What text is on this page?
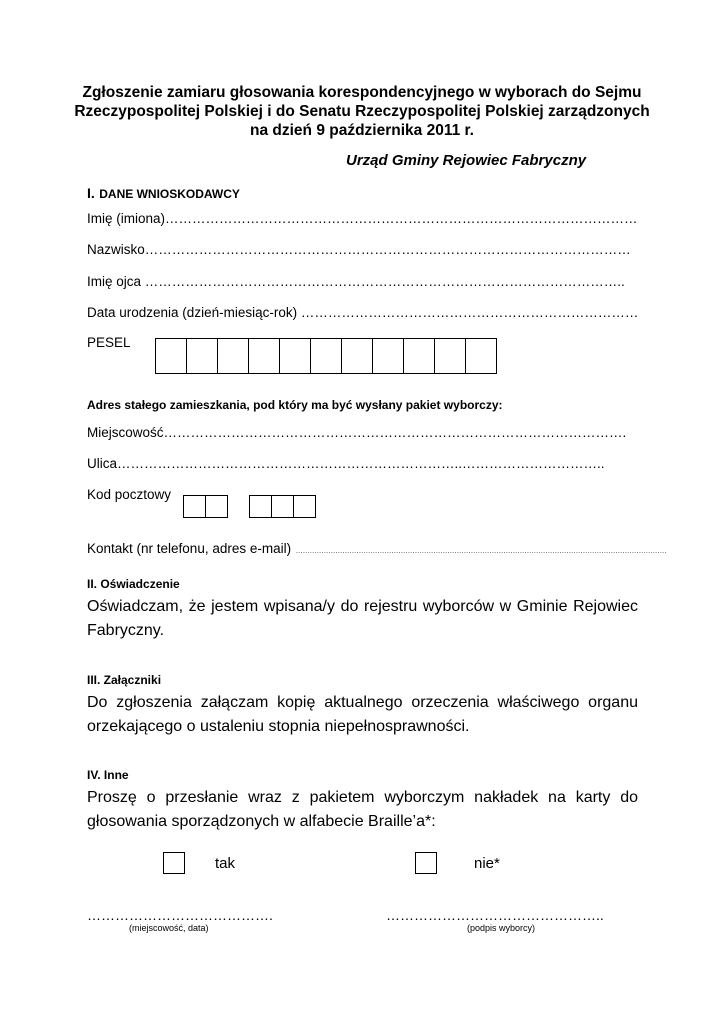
Zgłoszenie zamiaru głosowania korespondencyjnego w wyborach do Sejmu
Rzeczypospolitej Polskiej i do Senatu Rzeczypospolitej Polskiej zarządzonych
na dzień 9 października 2011 r.
Urząd Gminy Rejowiec Fabryczny
I. DANE WNIOSKODAWCY
Imię (imiona)……………………………………………………………………………………………
Nazwisko………………………………………………………………………………………………
Imię ojca ……………………………………………………………………………………………..
Data urodzenia (dzień-miesiąc-rok) …………………………………………………………………
PESEL
Adres stałego zamieszkania, pod który ma być wysłany pakiet wyborczy:
Miejscowość………………………………………………………………………………………….
Ulica…………………………………………………………………..…………………………..
Kod pocztowy
Kontakt (nr telefonu, adres e-mail) ……………………………………………………………………………………………………………………………………………
II. Oświadczenie
Oświadczam, że jestem wpisana/y do rejestru wyborców w Gminie Rejowiec Fabryczny.
III. Załączniki
Do zgłoszenia załączam kopię aktualnego orzeczenia właściwego organu orzekającego o ustaleniu stopnia niepełnosprawności.
IV. Inne
Proszę o przesłanie wraz z pakietem wyborczym nakładek na karty do głosowania sporządzonych w alfabecie Braille’a*:
tak	nie*
………………………………….
(miejscowość, data)
………………………………………..
(podpis wyborcy)
